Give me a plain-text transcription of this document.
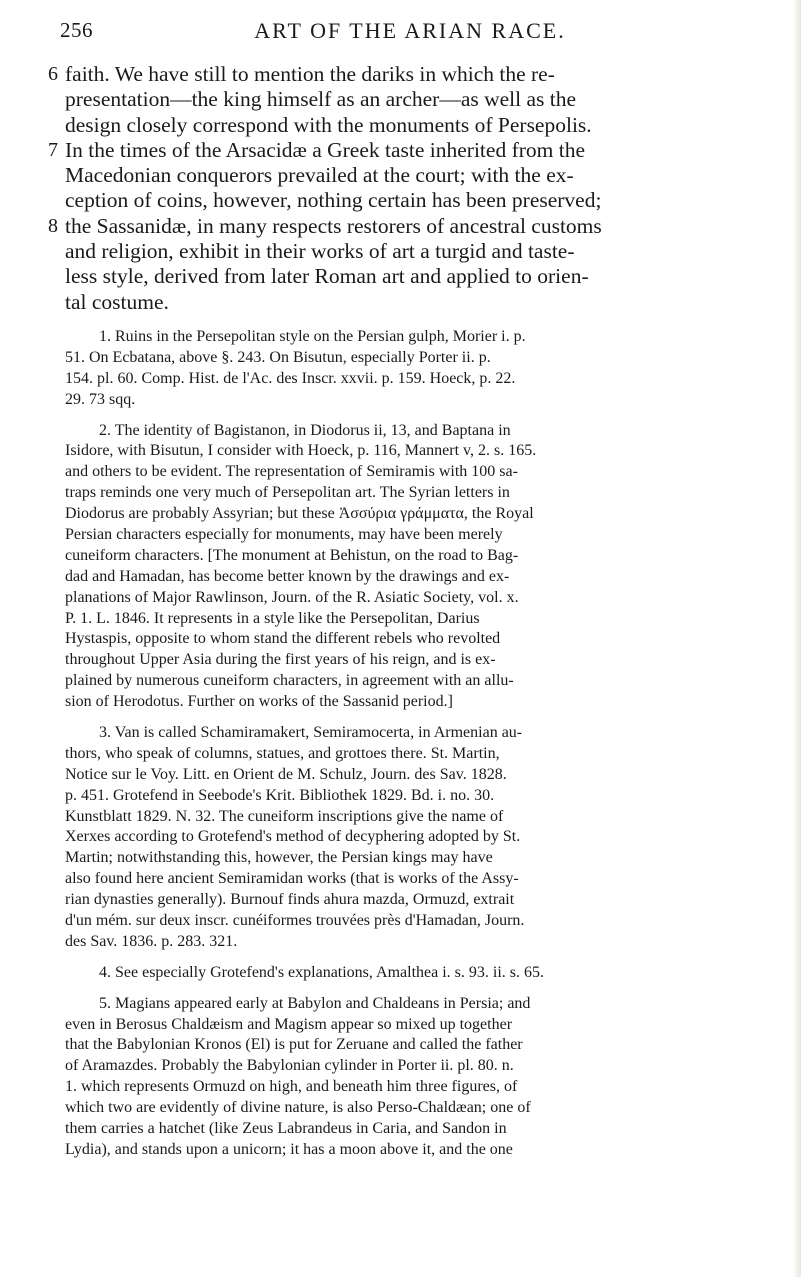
256	ART OF THE ARIAN RACE.
6 faith. We have still to mention the dariks in which the re-
presentation—the king himself as an archer—as well as the
design closely correspond with the monuments of Persepolis.
7 In the times of the Arsacidæ a Greek taste inherited from the
Macedonian conquerors prevailed at the court; with the ex-
ception of coins, however, nothing certain has been preserved;
8 the Sassanidæ, in many respects restorers of ancestral customs
and religion, exhibit in their works of art a turgid and taste-
less style, derived from later Roman art and applied to orien-
tal costume.
1. Ruins in the Persepolitan style on the Persian gulph, Morier i. p.
51. On Ecbatana, above §. 243. On Bisutun, especially Porter ii. p.
154. pl. 60. Comp. Hist. de l'Ac. des Inscr. xxvii. p. 159. Hoeck, p. 22.
29. 73 sqq.
2. The identity of Bagistanon, in Diodorus ii, 13, and Baptana in
Isidore, with Bisutun, I consider with Hoeck, p. 116, Mannert v, 2. s. 165.
and others to be evident. The representation of Semiramis with 100 sa-
traps reminds one very much of Persepolitan art. The Syrian letters in
Diodorus are probably Assyrian; but these Ἀσσύρια γράμματα, the Royal
Persian characters especially for monuments, may have been merely
cuneiform characters. [The monument at Behistun, on the road to Bag-
dad and Hamadan, has become better known by the drawings and ex-
planations of Major Rawlinson, Journ. of the R. Asiatic Society, vol. x.
P. 1. L. 1846. It represents in a style like the Persepolitan, Darius
Hystaspis, opposite to whom stand the different rebels who revolted
throughout Upper Asia during the first years of his reign, and is ex-
plained by numerous cuneiform characters, in agreement with an allu-
sion of Herodotus. Further on works of the Sassanid period.]
3. Van is called Schamiramakert, Semiramocerta, in Armenian au-
thors, who speak of columns, statues, and grottoes there. St. Martin,
Notice sur le Voy. Litt. en Orient de M. Schulz, Journ. des Sav. 1828.
p. 451. Grotefend in Seebode's Krit. Bibliothek 1829. Bd. i. no. 30.
Kunstblatt 1829. N. 32. The cuneiform inscriptions give the name of
Xerxes according to Grotefend's method of decyphering adopted by St.
Martin; notwithstanding this, however, the Persian kings may have
also found here ancient Semiramidan works (that is works of the Assy-
rian dynasties generally). Burnouf finds ahura mazda, Ormuzd, extrait
d'un mém. sur deux inscr. cunéiformes trouvées près d'Hamadan, Journ.
des Sav. 1836. p. 283. 321.
4. See especially Grotefend's explanations, Amalthea i. s. 93. ii. s. 65.
5. Magians appeared early at Babylon and Chaldeans in Persia; and
even in Berosus Chaldæism and Magism appear so mixed up together
that the Babylonian Kronos (El) is put for Zeruane and called the father
of Aramazdes. Probably the Babylonian cylinder in Porter ii. pl. 80. n.
1. which represents Ormuzd on high, and beneath him three figures, of
which two are evidently of divine nature, is also Perso-Chaldæan; one of
them carries a hatchet (like Zeus Labrandeus in Caria, and Sandon in
Lydia), and stands upon a unicorn; it has a moon above it, and the one
